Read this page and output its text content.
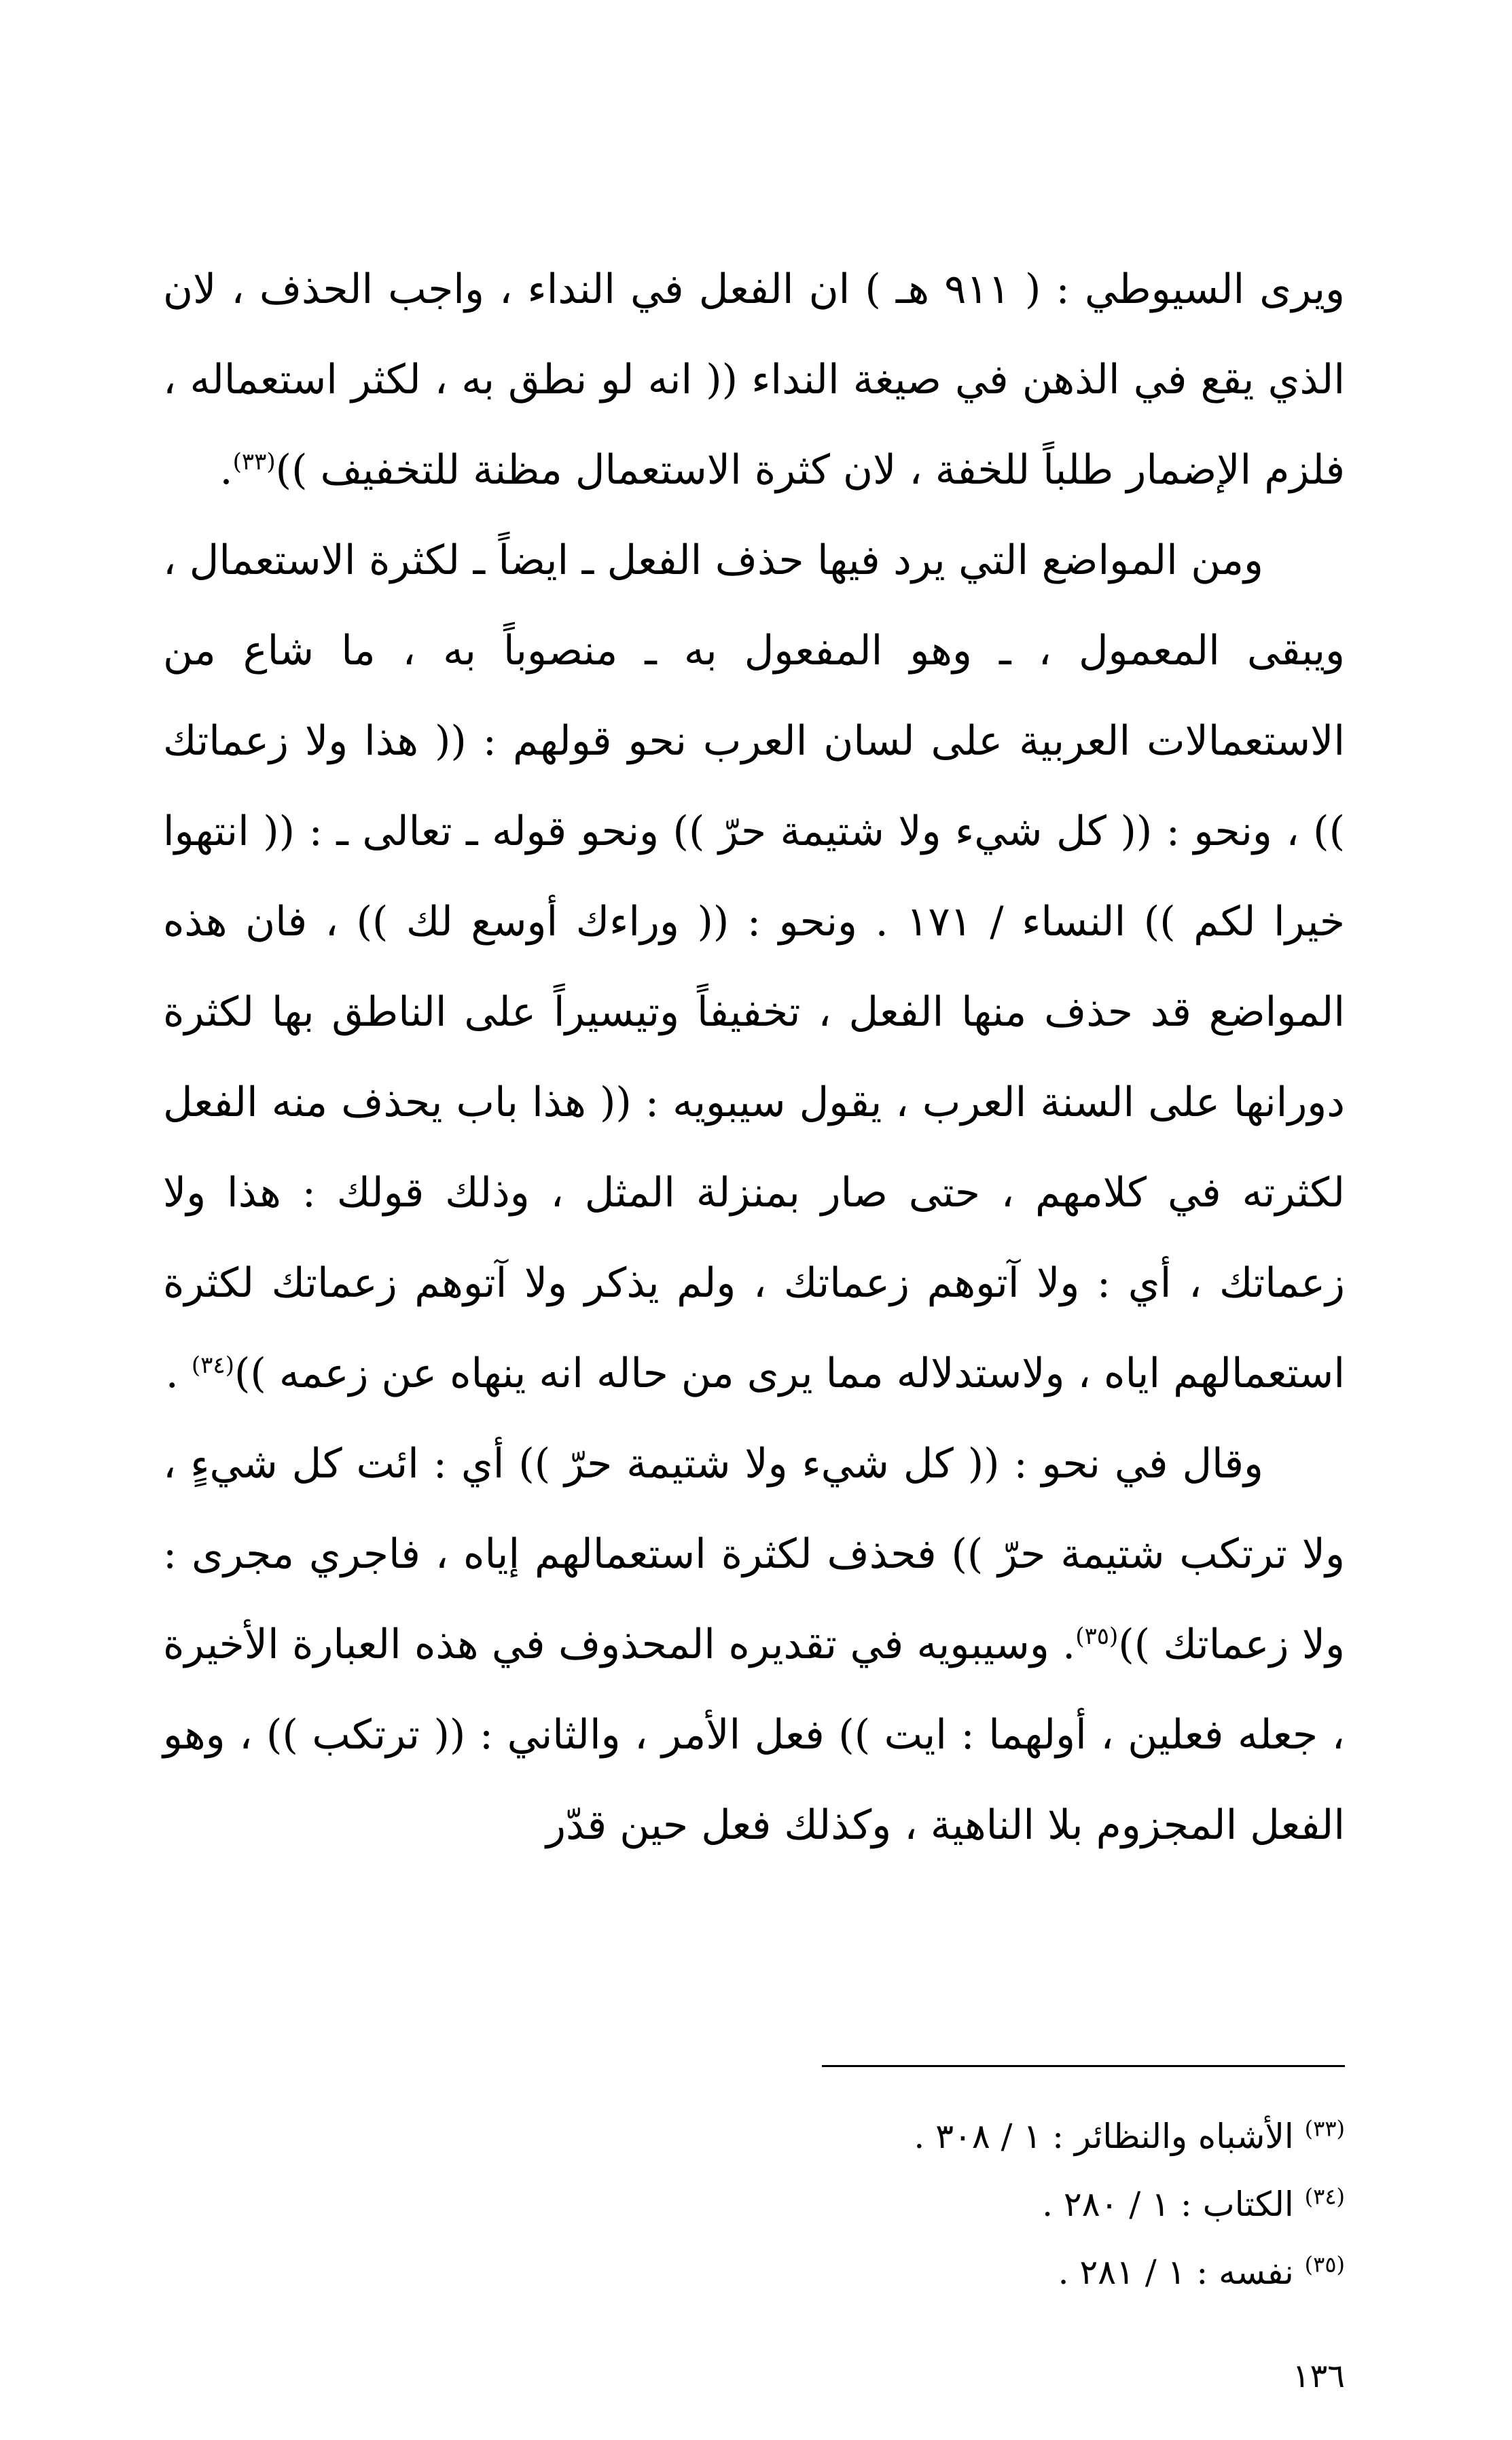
ويرى السيوطي : ( ٩١١ هـ ) ان الفعل في النداء ، واجب الحذف ، لان الذي يقع في الذهن في صيغة النداء (( انه لو نطق به ، لكثر استعماله ، فلزم الإضمار طلباً للخفة ، لان كثرة الاستعمال مظنة للتخفيف ))$^{(٣٣)}$.

ومن المواضع التي يرد فيها حذف الفعل ـ ايضاً ـ لكثرة الاستعمال ، ويبقى المعمول ، ـ وهو المفعول به ـ منصوباً به ، ما شاع من الاستعمالات العربية على لسان العرب نحو قولهم : (( هذا ولا زعماتك )) ، ونحو : (( كل شيء ولا شتيمة حرّ )) ونحو قوله ـ تعالى ـ : (( انتهوا خيرا لكم )) النساء / ١٧١ . ونحو : (( وراءك أوسع لك )) ، فان هذه المواضع قد حذف منها الفعل ، تخفيفاً وتيسيراً على الناطق بها لكثرة دورانها على السنة العرب ، يقول سيبويه : (( هذا باب يحذف منه الفعل لكثرته في كلامهم ، حتى صار بمنزلة المثل ، وذلك قولك : هذا ولا زعماتك ، أي : ولا آتوهم زعماتك ، ولم يذكر ولا آتوهم زعماتك لكثرة استعمالهم اياه ، ولاستدلاله مما يرى من حاله انه ينهاه عن زعمه ))$^{(٣٤)}$ .

وقال في نحو : (( كل شيء ولا شتيمة حرّ )) أي : ائت كل شيءٍ ، ولا ترتكب شتيمة حرّ )) فحذف لكثرة استعمالهم إياه ، فاجري مجرى : ولا زعماتك ))$^{(٣٥)}$. وسيبويه في تقديره المحذوف في هذه العبارة الأخيرة ، جعله فعلين ، أولهما : ايت )) فعل الأمر ، والثاني : (( ترتكب )) ، وهو الفعل المجزوم بلا الناهية ، وكذلك فعل حين قدّر

$^{(٣٣)}$ الأشباه والنظائر : ١ / ٣٠٨ .
$^{(٣٤)}$ الكتاب : ١ / ٢٨٠ .
$^{(٣٥)}$ نفسه : ١ / ٢٨١ .
١٣٦
